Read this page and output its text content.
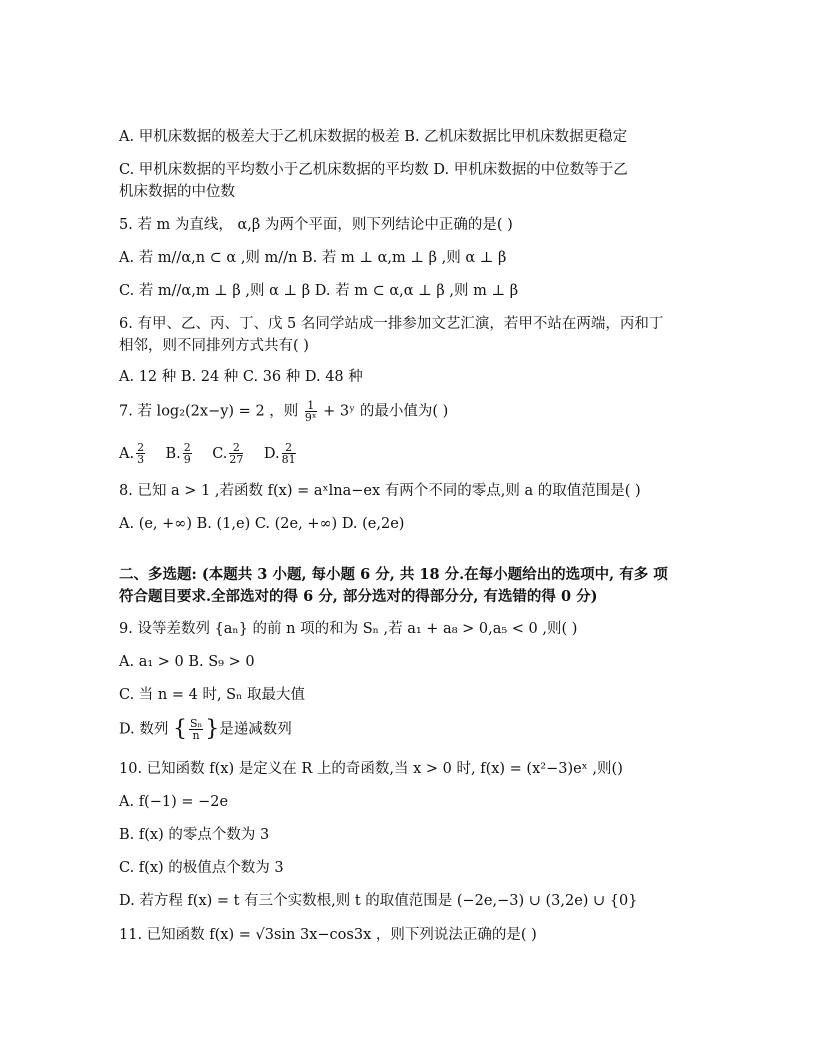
A. 甲机床数据的极差大于乙机床数据的极差 B. 乙机床数据比甲机床数据更稳定
C. 甲机床数据的平均数小于乙机床数据的平均数 D. 甲机床数据的中位数等于乙
机床数据的中位数
5. 若 m 为直线， α,β 为两个平面，则下列结论中正确的是( )
A. 若 m//α,n ⊂ α ,则 m//n B. 若 m ⊥ α,m ⊥ β ,则 α ⊥ β
C. 若 m//α,m ⊥ β ,则 α ⊥ β D. 若 m ⊂ α,α ⊥ β ,则 m ⊥ β
6. 有甲、乙、丙、丁、戊 5 名同学站成一排参加文艺汇演，若甲不站在两端，丙和丁
相邻，则不同排列方式共有( )
A. 12 种 B. 24 种 C. 36 种 D. 48 种
7. 若 log₂(2x−y) = 2 ，则 $\frac{1}{\text{9ˣ}}$ + 3ʸ 的最小值为( )
A. $\frac{2}{3} B$. $\frac{2}{9} C$. $\frac{2}{27} D$. $\frac{2}{81}$
8. 已知 a > 1 ,若函数 f(x) = aˣlna−ex 有两个不同的零点,则 a 的取值范围是( )
A. (e, +∞) B. (1,e) C. (2e, +∞) D. (e,2e)
二、多选题: (本题共 3 小题, 每小题 6 分, 共 18 分.在每小题给出的选项中, 有多 项
符合题目要求.全部选对的得 6 分, 部分选对的得部分分, 有选错的得 0 分)
9. 设等差数列 {aₙ} 的前 n 项的和为 Sₙ ,若 a₁ + a₈ > 0,a₅ < 0 ,则( )
A. a₁ > 0 B. S₉ > 0
C. 当 n = 4 时, Sₙ 取最大值
D. 数列 { $\frac{\text{Sₙ}}{n}$ }是递减数列
10. 已知函数 f(x) 是定义在 R 上的奇函数,当 x > 0 时, f(x) = (x²−3)eˣ ,则()
A. f(−1) = −2e
B. f(x) 的零点个数为 3
C. f(x) 的极值点个数为 3
D. 若方程 f(x) = t 有三个实数根,则 t 的取值范围是 (−2e,−3) ∪ (3,2e) ∪ {0}
11. 已知函数 f(x) = √3sin 3x−cos3x ，则下列说法正确的是( )
